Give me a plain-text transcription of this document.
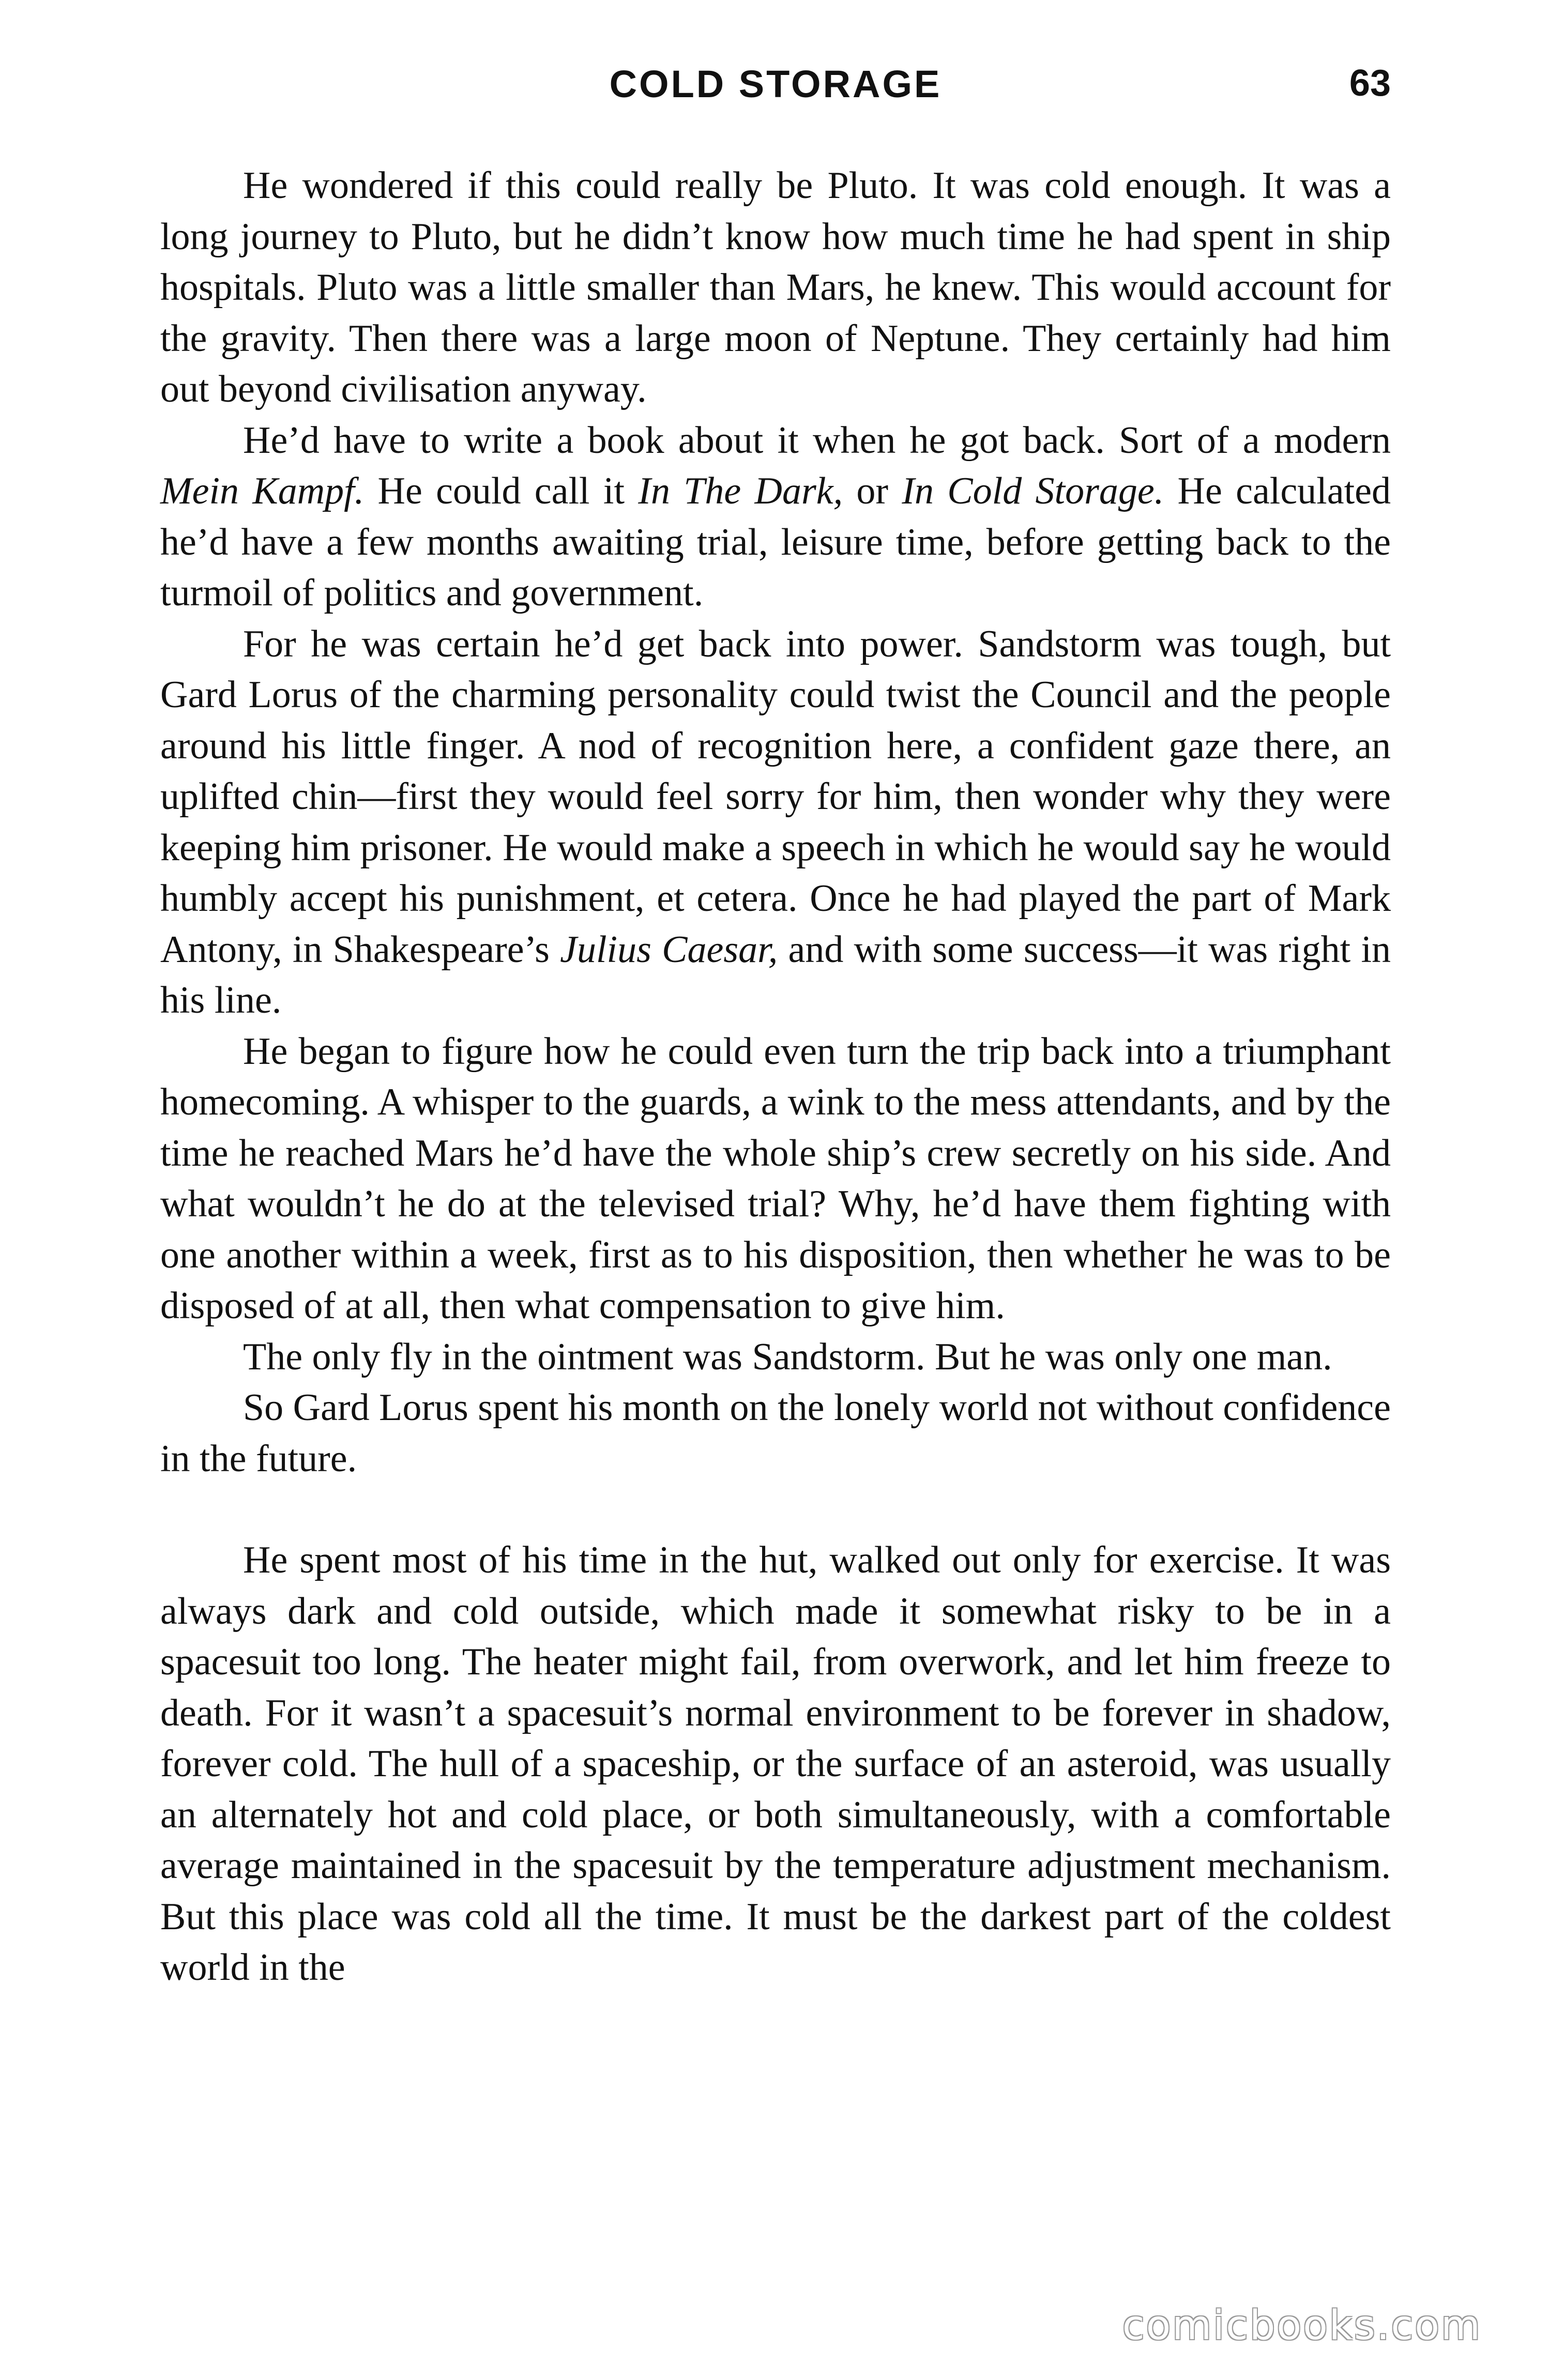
COLD STORAGE	63

He wondered if this could really be Pluto. It was cold enough. It was a long journey to Pluto, but he didn’t know how much time he had spent in ship hospitals. Pluto was a little smaller than Mars, he knew. This would account for the gravity. Then there was a large moon of Neptune. They certainly had him out beyond civilisation anyway.

He’d have to write a book about it when he got back. Sort of a modern Mein Kampf. He could call it In The Dark, or In Cold Storage. He calculated he’d have a few months awaiting trial, leisure time, before getting back to the turmoil of politics and government.

For he was certain he’d get back into power. Sandstorm was tough, but Gard Lorus of the charming personality could twist the Council and the people around his little finger. A nod of recognition here, a confident gaze there, an uplifted chin—first they would feel sorry for him, then wonder why they were keeping him prisoner. He would make a speech in which he would say he would humbly accept his punishment, et cetera. Once he had played the part of Mark Antony, in Shakespeare’s Julius Caesar, and with some success—it was right in his line.

He began to figure how he could even turn the trip back into a triumphant homecoming. A whisper to the guards, a wink to the mess attendants, and by the time he reached Mars he’d have the whole ship’s crew secretly on his side. And what wouldn’t he do at the televised trial? Why, he’d have them fighting with one another within a week, first as to his disposition, then whether he was to be disposed of at all, then what compensation to give him.

The only fly in the ointment was Sandstorm. But he was only one man.

So Gard Lorus spent his month on the lonely world not without confidence in the future.

He spent most of his time in the hut, walked out only for exercise. It was always dark and cold outside, which made it somewhat risky to be in a spacesuit too long. The heater might fail, from overwork, and let him freeze to death. For it wasn’t a spacesuit’s normal environment to be forever in shadow, forever cold. The hull of a spaceship, or the surface of an asteroid, was usually an alternately hot and cold place, or both simultaneously, with a comfortable average maintained in the spacesuit by the temperature adjustment mechanism. But this place was cold all the time. It must be the darkest part of the coldest world in the

comicbooks.com
